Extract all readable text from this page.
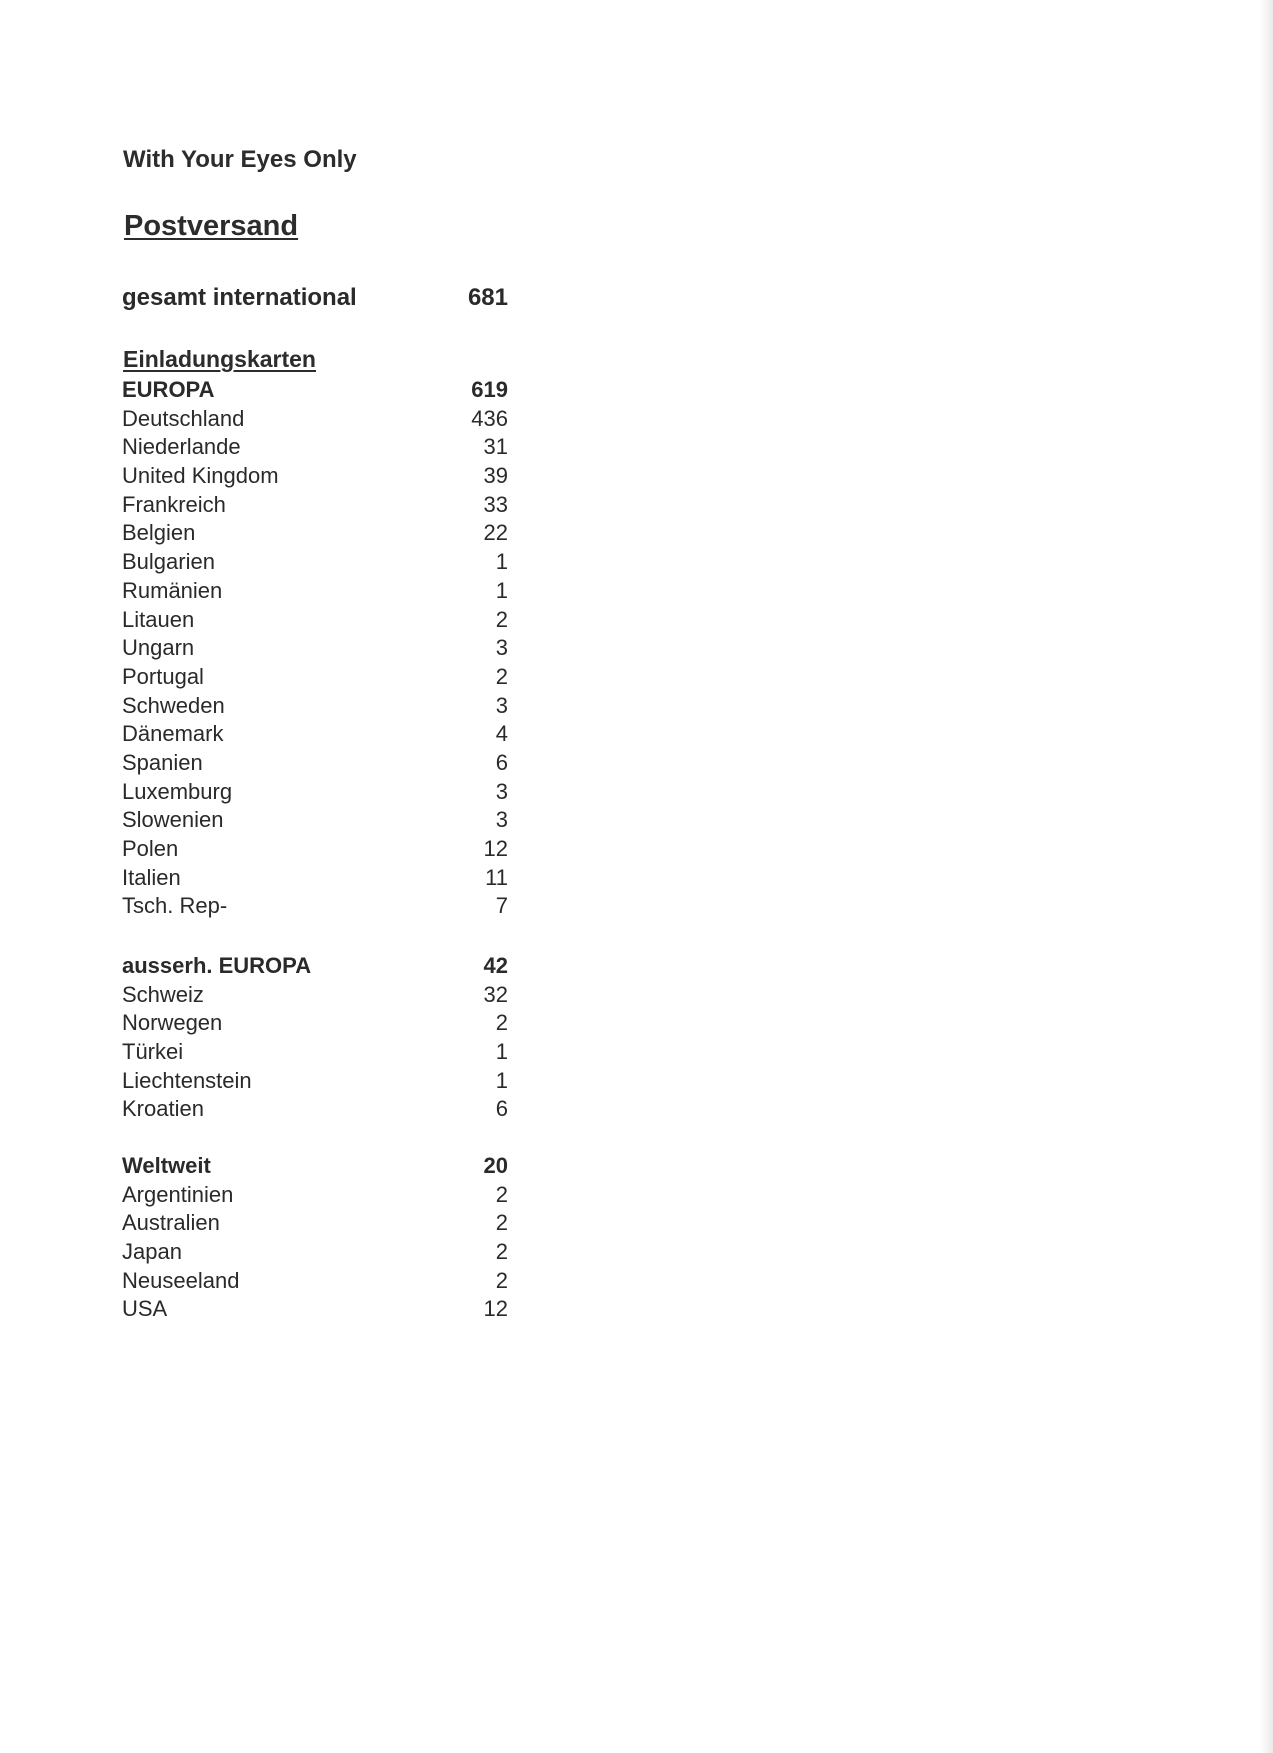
With Your Eyes Only
Postversand
gesamt international	681
Einladungskarten
EUROPA	619
Deutschland	436
Niederlande	31
United Kingdom	39
Frankreich	33
Belgien	22
Bulgarien	1
Rumänien	1
Litauen	2
Ungarn	3
Portugal	2
Schweden	3
Dänemark	4
Spanien	6
Luxemburg	3
Slowenien	3
Polen	12
Italien	11
Tsch. Rep-	7
ausserh. EUROPA	42
Schweiz	32
Norwegen	2
Türkei	1
Liechtenstein	1
Kroatien	6
Weltweit	20
Argentinien	2
Australien	2
Japan	2
Neuseeland	2
USA	12
